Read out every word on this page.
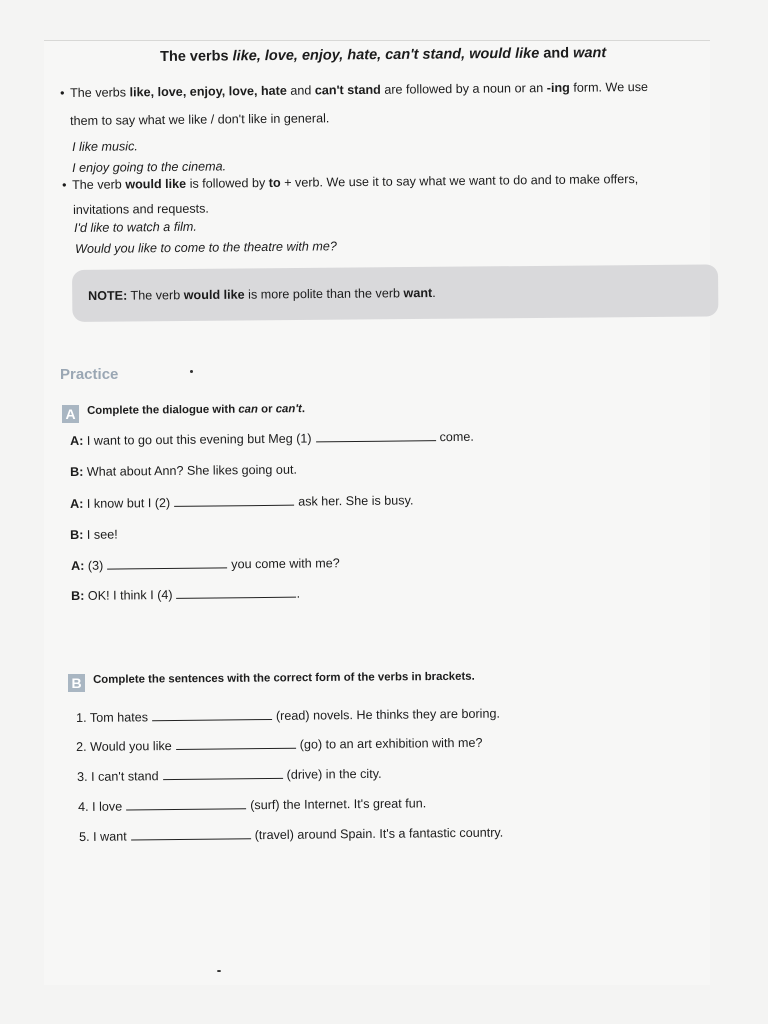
The verbs like, love, enjoy, hate, can't stand, would like and want
• The verbs like, love, enjoy, love, hate and can't stand are followed by a noun or an -ing form. We use
them to say what we like / don't like in general.
I like music.
I enjoy going to the cinema.
• The verb would like is followed by to + verb. We use it to say what we want to do and to make offers,
invitations and requests.
I'd like to watch a film.
Would you like to come to the theatre with me?
NOTE: The verb would like is more polite than the verb want.
Practice
A	Complete the dialogue with can or can't.
A: I want to go out this evening but Meg (1)	come.
B: What about Ann? She likes going out.
A: I know but I (2)	ask her. She is busy.
B: I see!
A: (3)	you come with me?
B: OK! I think I (4)	.
B	Complete the sentences with the correct form of the verbs in brackets.
1. Tom hates	(read) novels. He thinks they are boring.
2. Would you like	(go) to an art exhibition with me?
3. I can't stand	(drive) in the city.
4. I love	(surf) the Internet. It's great fun.
5. I want	(travel) around Spain. It's a fantastic country.
